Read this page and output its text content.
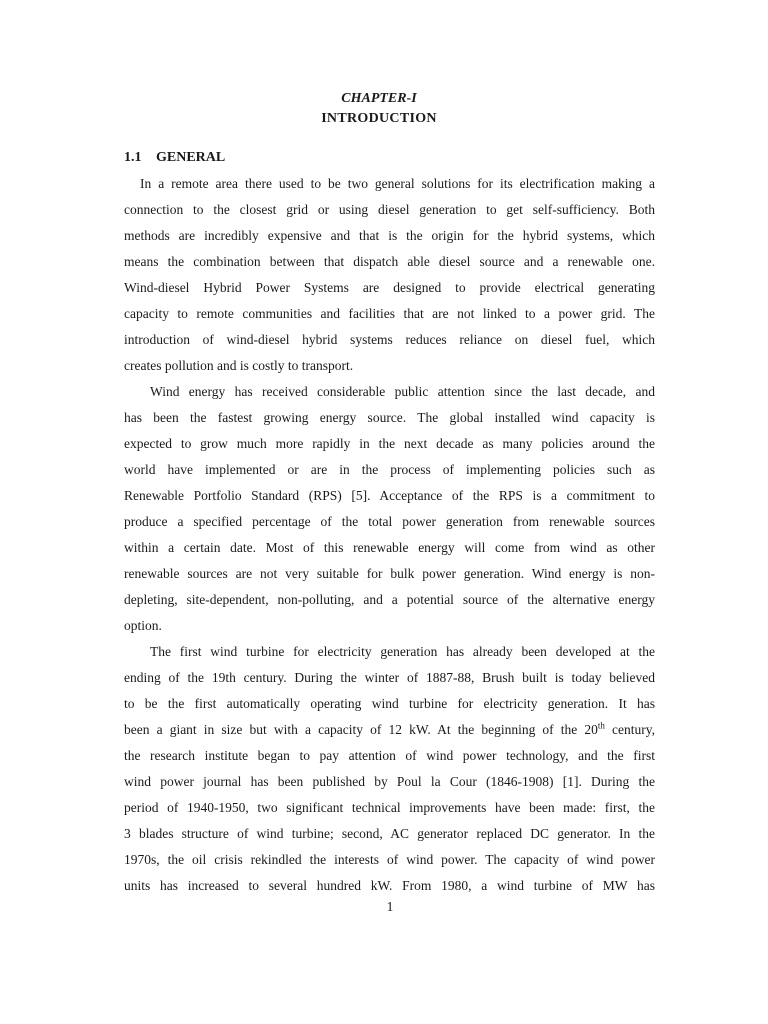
CHAPTER-I
INTRODUCTION
1.1 GENERAL
In a remote area there used to be two general solutions for its electrification making a
connection to the closest grid or using diesel generation to get self-sufficiency. Both
methods are incredibly expensive and that is the origin for the hybrid systems, which
means the combination between that dispatch able diesel source and a renewable one.
Wind-diesel Hybrid Power Systems are designed to provide electrical generating
capacity to remote communities and facilities that are not linked to a power grid. The
introduction of wind-diesel hybrid systems reduces reliance on diesel fuel, which
creates pollution and is costly to transport.
Wind energy has received considerable public attention since the last decade, and
has been the fastest growing energy source. The global installed wind capacity is
expected to grow much more rapidly in the next decade as many policies around the
world have implemented or are in the process of implementing policies such as
Renewable Portfolio Standard (RPS) [5]. Acceptance of the RPS is a commitment to
produce a specified percentage of the total power generation from renewable sources
within a certain date. Most of this renewable energy will come from wind as other
renewable sources are not very suitable for bulk power generation. Wind energy is non-
depleting, site-dependent, non-polluting, and a potential source of the alternative energy
option.
The first wind turbine for electricity generation has already been developed at the
ending of the 19th century. During the winter of 1887-88, Brush built is today believed
to be the first automatically operating wind turbine for electricity generation. It has
been a giant in size but with a capacity of 12 kW. At the beginning of the 20th century,
the research institute began to pay attention of wind power technology, and the first
wind power journal has been published by Poul la Cour (1846-1908) [1]. During the
period of 1940-1950, two significant technical improvements have been made: first, the
3 blades structure of wind turbine; second, AC generator replaced DC generator. In the
1970s, the oil crisis rekindled the interests of wind power. The capacity of wind power
units has increased to several hundred kW. From 1980, a wind turbine of MW has
1
